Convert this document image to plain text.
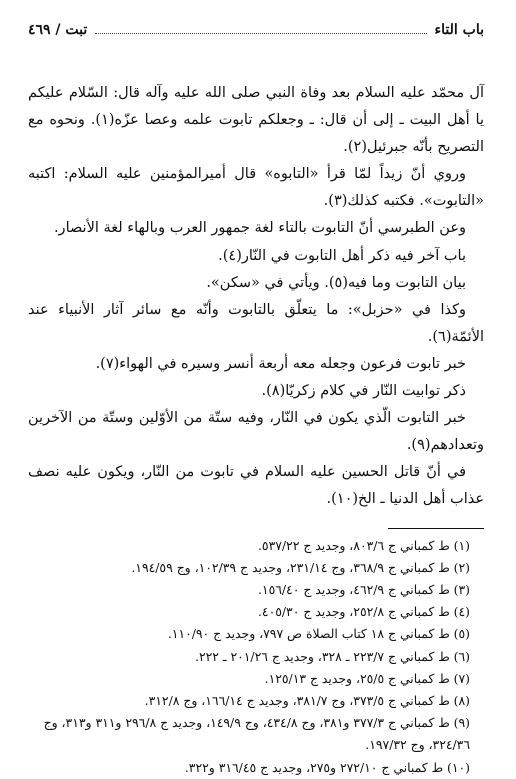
باب التاء
تبت / ٤٦٩

آل محمّد عليه السلام بعد وفاة النبي صلى الله عليه وآله قال: السّلام عليكم يا أهل البيت ـ إلى أن قال: ـ وجعلكم تابوت علمه وعصا عزّه(١). ونحوه مع التصريح بأنّه جبرئيل(٢).

وروي أنّ زيداً لمّا قرأ «التابوه» قال أميرالمؤمنين عليه السلام: اكتبه «التابوت». فكتبه كذلك(٣).

وعن الطبرسي أنّ التابوت بالتاء لغة جمهور العرب وبالهاء لغة الأنصار.

باب آخر فيه ذكر أهل التابوت في النّار(٤).

بيان التابوت وما فيه(٥). ويأتي في «سكن».

وكذا في «حزبل»: ما يتعلّق بالتابوت وأنّه مع سائر آثار الأنبياء عند الأئمّة(٦).

خبر تابوت فرعون وجعله معه أربعة أنسر وسيره في الهواء(٧).

ذكر توابيت النّار في كلام زكريّا(٨).

خبر التابوت الّذي يكون في النّار، وفيه ستّة من الأوّلين وستّة من الآخرين وتعدادهم(٩).

في أنّ قاتل الحسين عليه السلام في تابوت من النّار، ويكون عليه نصف عذاب أهل الدنيا ـ الخ(١٠).

(١) ط كمباني ج ٨٠٣/٦، وجديد ج ٥٣٧/٢٢.

(٢) ط كمباني ج ٣٦٨/٩، وج ٢٣١/١٤، وجديد ج ١٠٢/٣٩، وج ١٩٤/٥٩.

(٣) ط كمباني ج ٤٦٢/٩، وجديد ج ١٥٦/٤٠.

(٤) ط كمباني ج ٢٥٢/٨، وجديد ج ٤٠٥/٣٠.

(٥) ط كمباني ج ١٨ كتاب الصلاة ص ٧٩٧، وجديد ج ١١٠/٩٠.

(٦) ط كمباني ج ٢٢٣/٧ ـ ٣٢٨، وجديد ج ٢٠١/٢٦ ـ ٢٢٢.

(٧) ط كمباني ج ٢٥/٥، وجديد ج ١٢٥/١٣.

(٨) ط كمباني ج ٣٧٣/٥، وج ٣٨١/٧، وجديد ج ١٦٦/١٤، وج ٣١٢/٨.

(٩) ط كمباني ج ٣٧٧/٣ و٣٨١، وج ٤٣٤/٨، وج ١٤٩/٩، وجديد ج ٢٩٦/٨ و٣١١ و٣١٣، وج ٣٢٤/٣٦، وج ١٩٧/٣٢.

(١٠) ط كمباني ج ٢٧٢/١٠ و٢٧٥، وجديد ج ٣١٦/٤٥ و٣٢٢.
